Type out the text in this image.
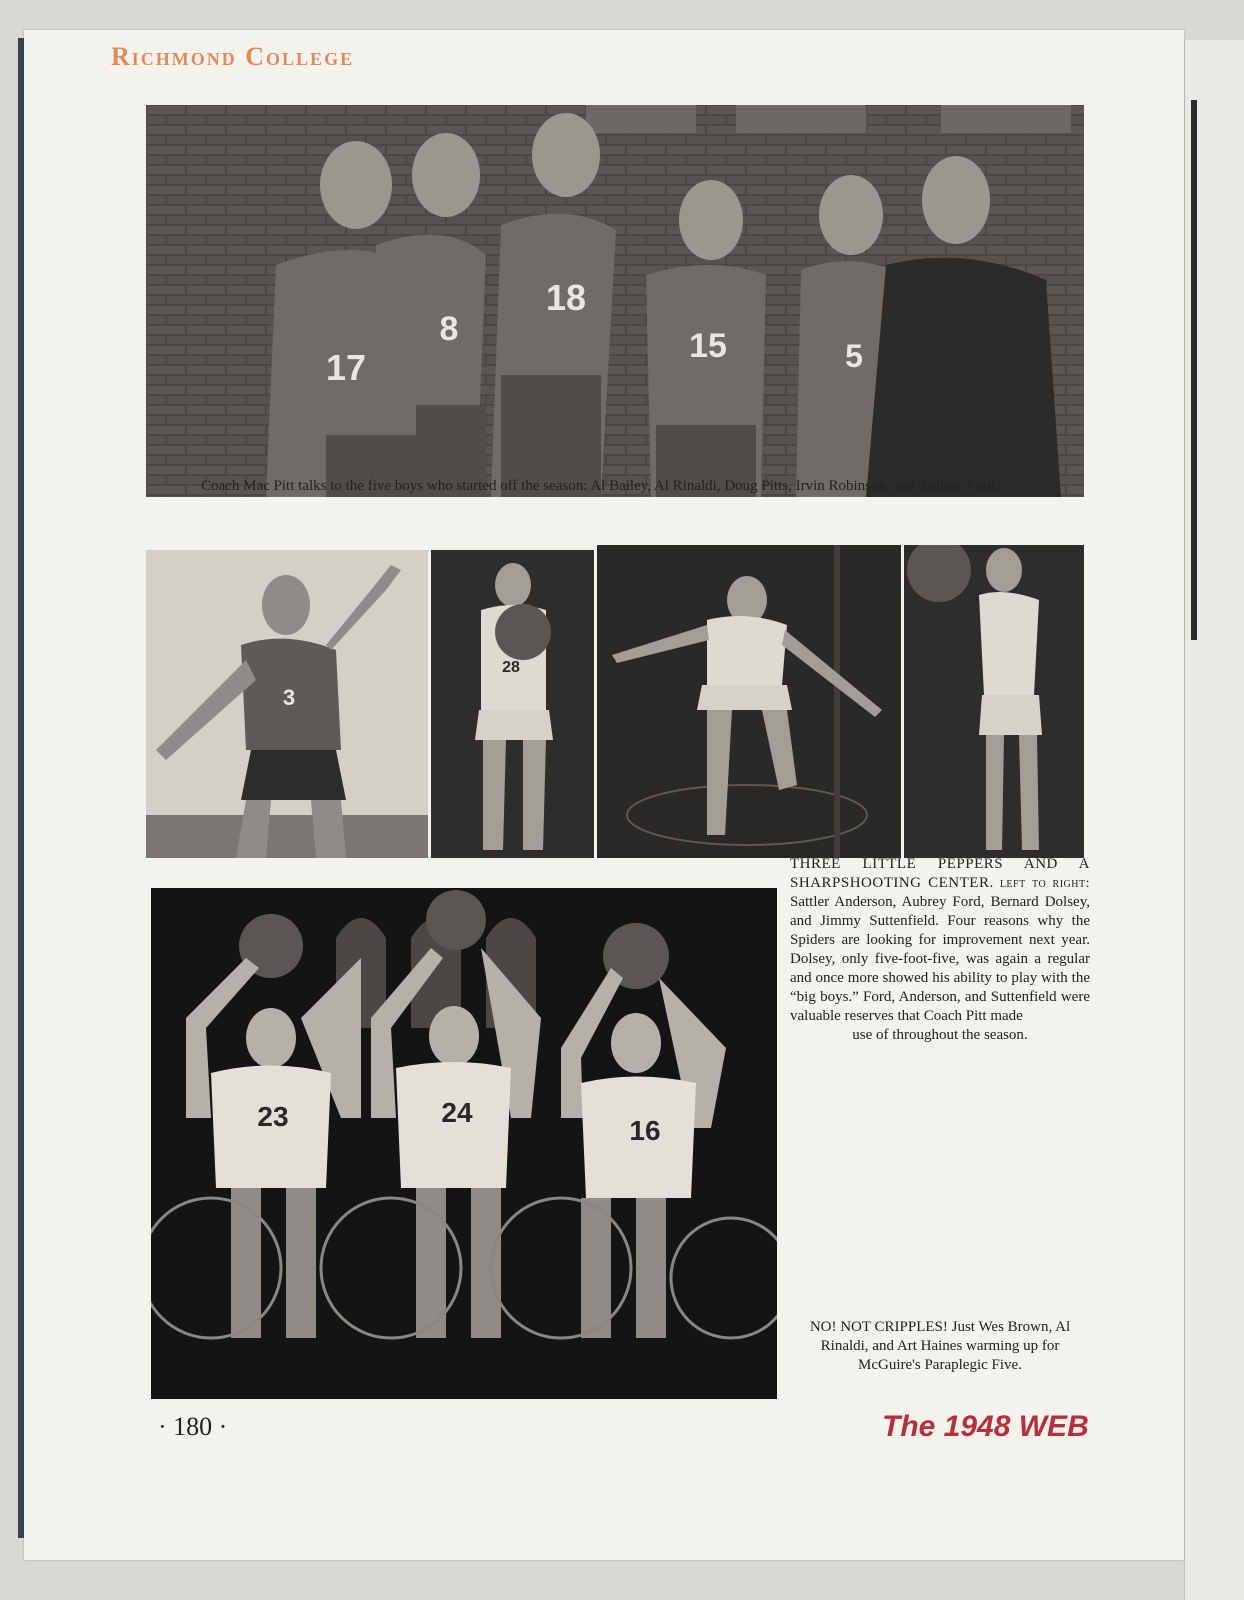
Richmond College
17
8
18
15	5
Coach Mac Pitt talks to the five boys who started off the season: Al Bailey, Al Rinaldi, Doug Pitts, Irvin Robinson, and Aubrey Ford.
3
28
23	24
16
THREE LITTLE PEPPERS AND A SHARPSHOOTING CENTER. left to right: Sattler Anderson, Aubrey Ford, Bernard Dolsey, and Jimmy Suttenfield. Four reasons why the Spiders are looking for improvement next year. Dolsey, only five-foot-five, was again a regular and once more showed his ability to play with the “big boys.” Ford, Anderson, and Suttenfield were valuable reserves that Coach Pitt made
use of throughout the season.
NO! NOT CRIPPLES! Just Wes Brown, Al Rinaldi, and Art Haines warming up for McGuire's Paraplegic Five.
· 180 ·	The 1948 WEB
